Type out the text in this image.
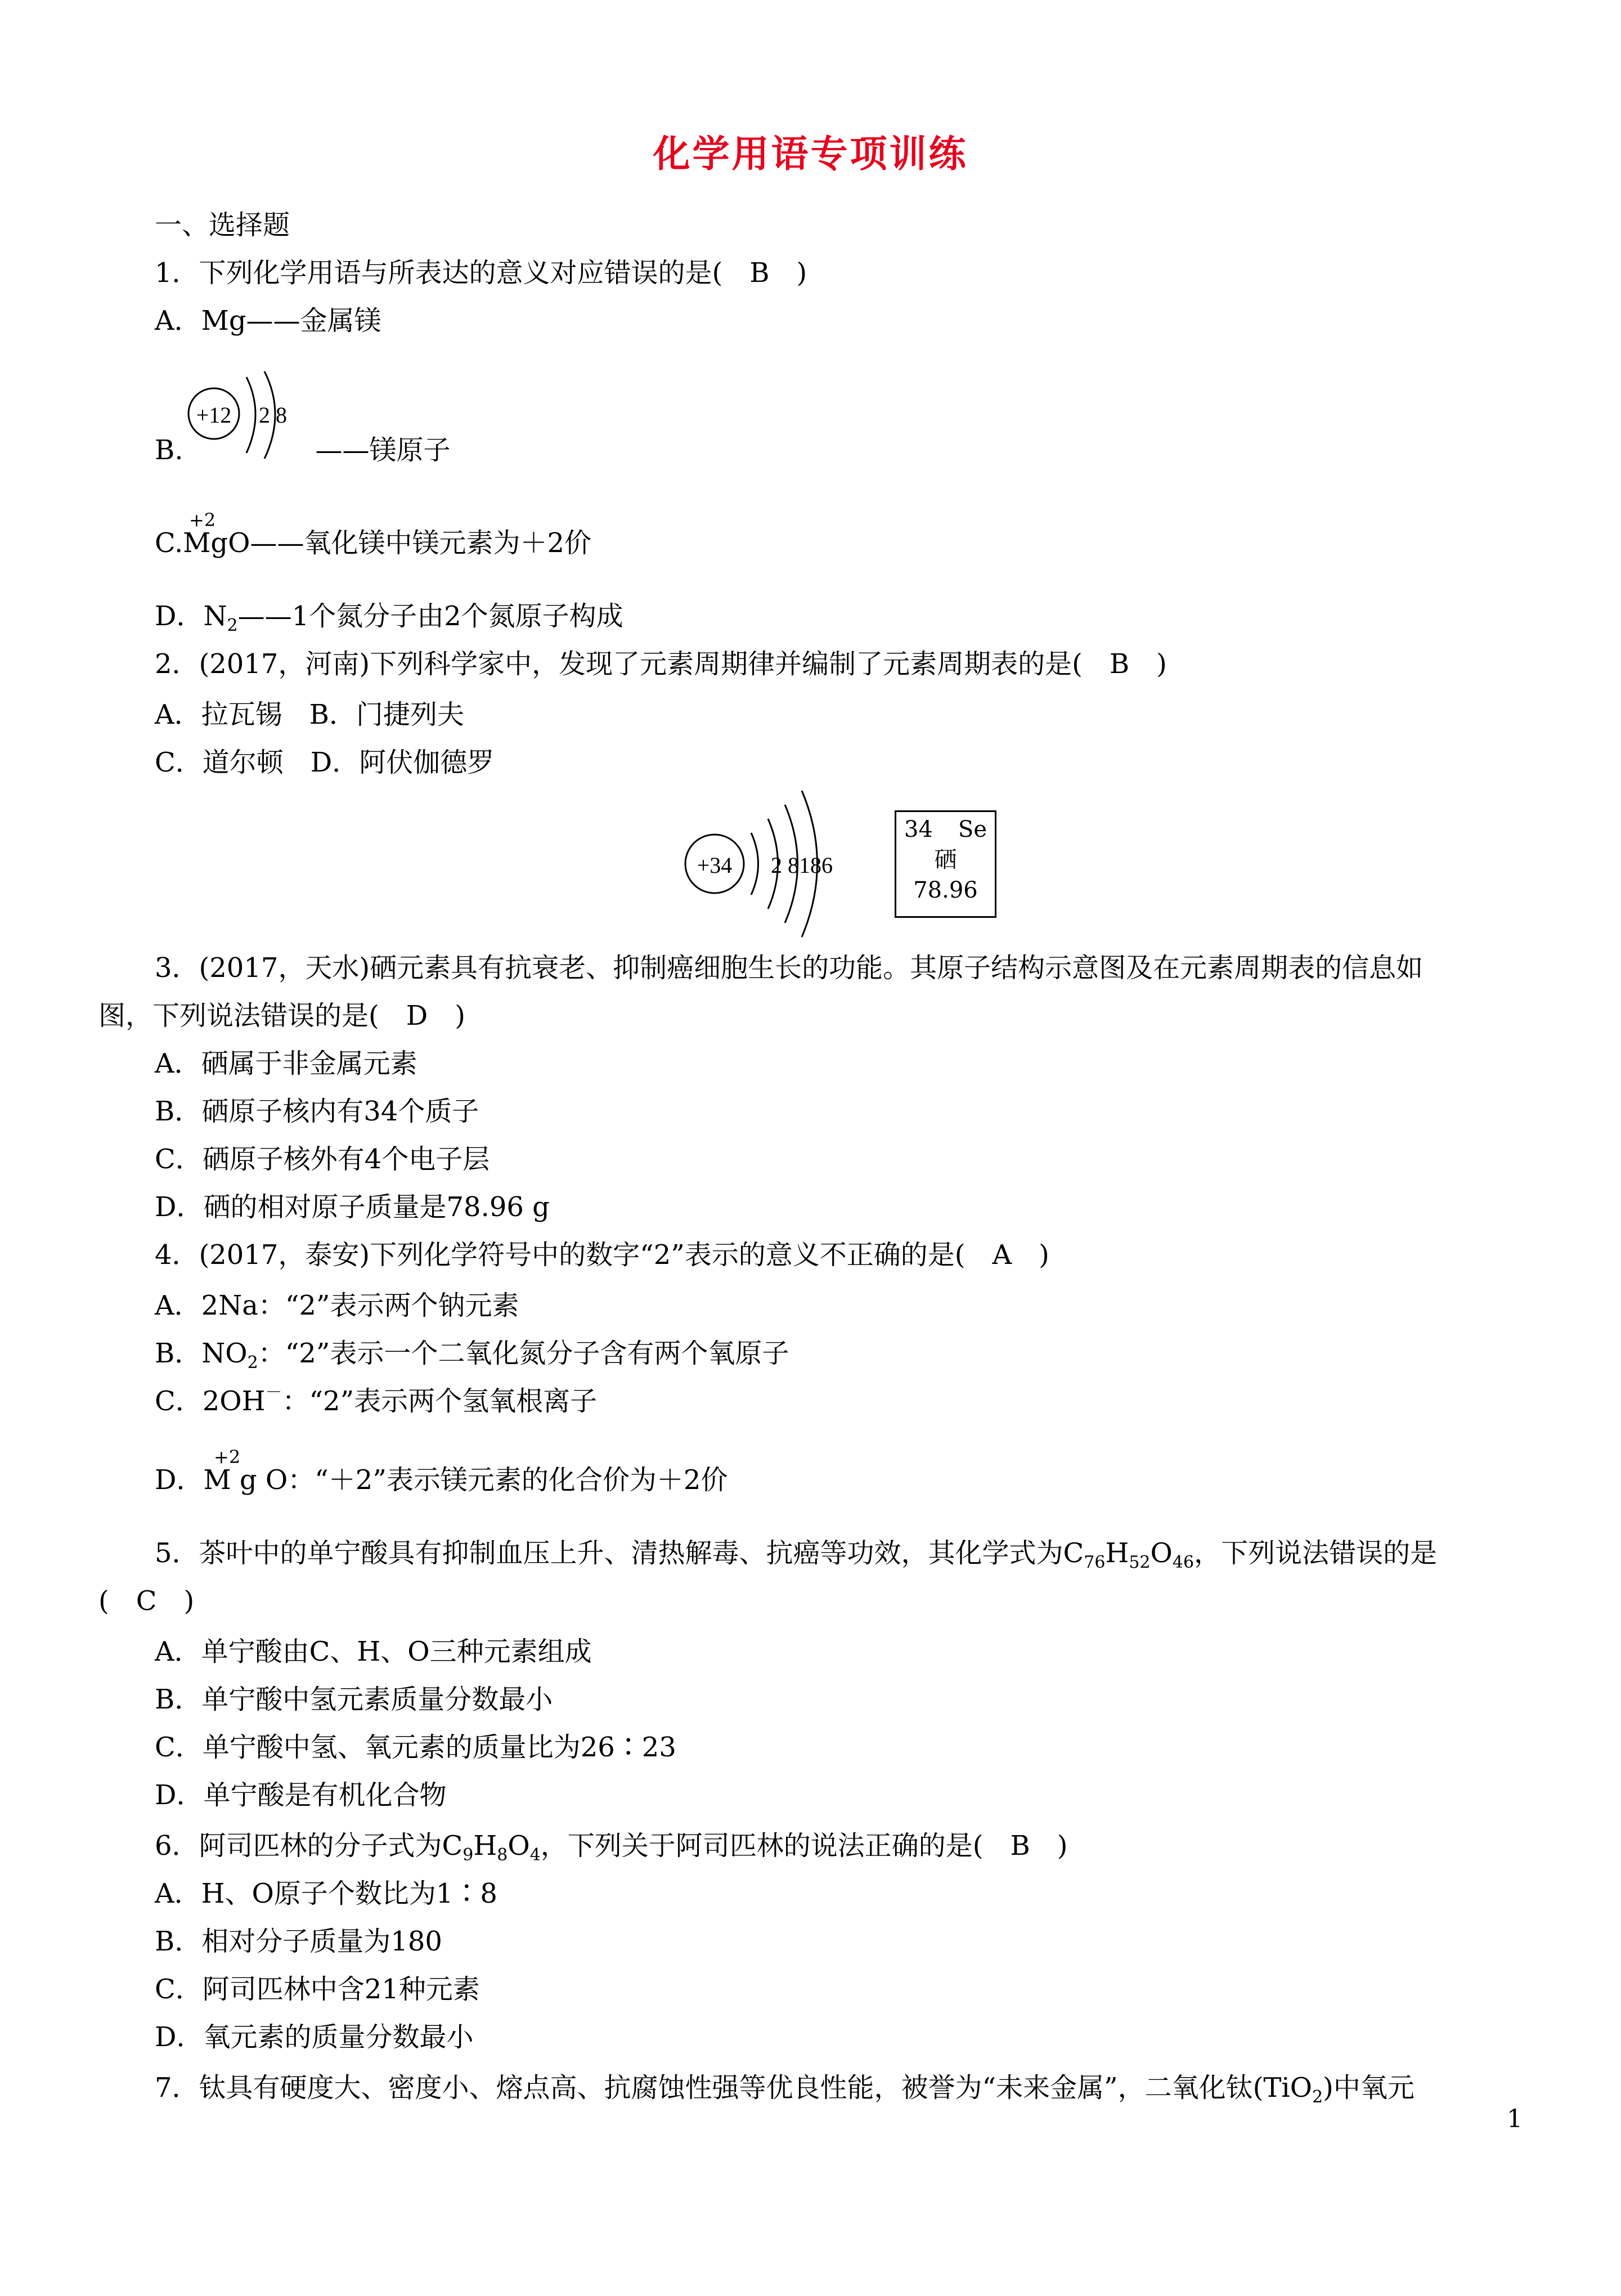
化学用语专项训练
一、选择题
1．下列化学用语与所表达的意义对应错误的是(　B　)
A．Mg——金属镁
+12 2 8
B.	——镁原子
+2
C.MgO——氧化镁中镁元素为＋2价
D．$N_2——1$个氮分子由2个氮原子构成
2．(2017，河南)下列科学家中，发现了元素周期律并编制了元素周期表的是(　B　)
A．拉瓦锡　B．门捷列夫
C．道尔顿　D．阿伏伽德罗
+34 2 8186
34 Se
硒
78.96
3．(2017，天水)硒元素具有抗衰老、抑制癌细胞生长的功能。其原子结构示意图及在元素周期表的信息如
图，下列说法错误的是(　D　)
A．硒属于非金属元素
B．硒原子核内有34个质子
C．硒原子核外有4个电子层
D．硒的相对原子质量是78.96 g
4．(2017，泰安)下列化学符号中的数字“2”表示的意义不正确的是(　A　)
A．2Na：“2”表示两个钠元素
B．$NO_2$：“2”表示一个二氧化氮分子含有两个氧原子
C．2OH－：“2”表示两个氢氧根离子
+2
D．M g O：“＋2”表示镁元素的化合价为＋2价
5．茶叶中的单宁酸具有抑制血压上升、清热解毒、抗癌等功效，其化学式为$C_{76}H_{52}O_{46}$，下列说法错误的是
(　C　)
A．单宁酸由C、H、O三种元素组成
B．单宁酸中氢元素质量分数最小
C．单宁酸中氢、氧元素的质量比为26∶23
D．单宁酸是有机化合物
6．阿司匹林的分子式为$C_9H_8O_4$，下列关于阿司匹林的说法正确的是(　B　)
A．H、O原子个数比为1∶8
B．相对分子质量为180
C．阿司匹林中含21种元素
D．氧元素的质量分数最小
7．钛具有硬度大、密度小、熔点高、抗腐蚀性强等优良性能，被誉为“未来金属”，二氧化钛(TiO$_2$)中氧元
1
